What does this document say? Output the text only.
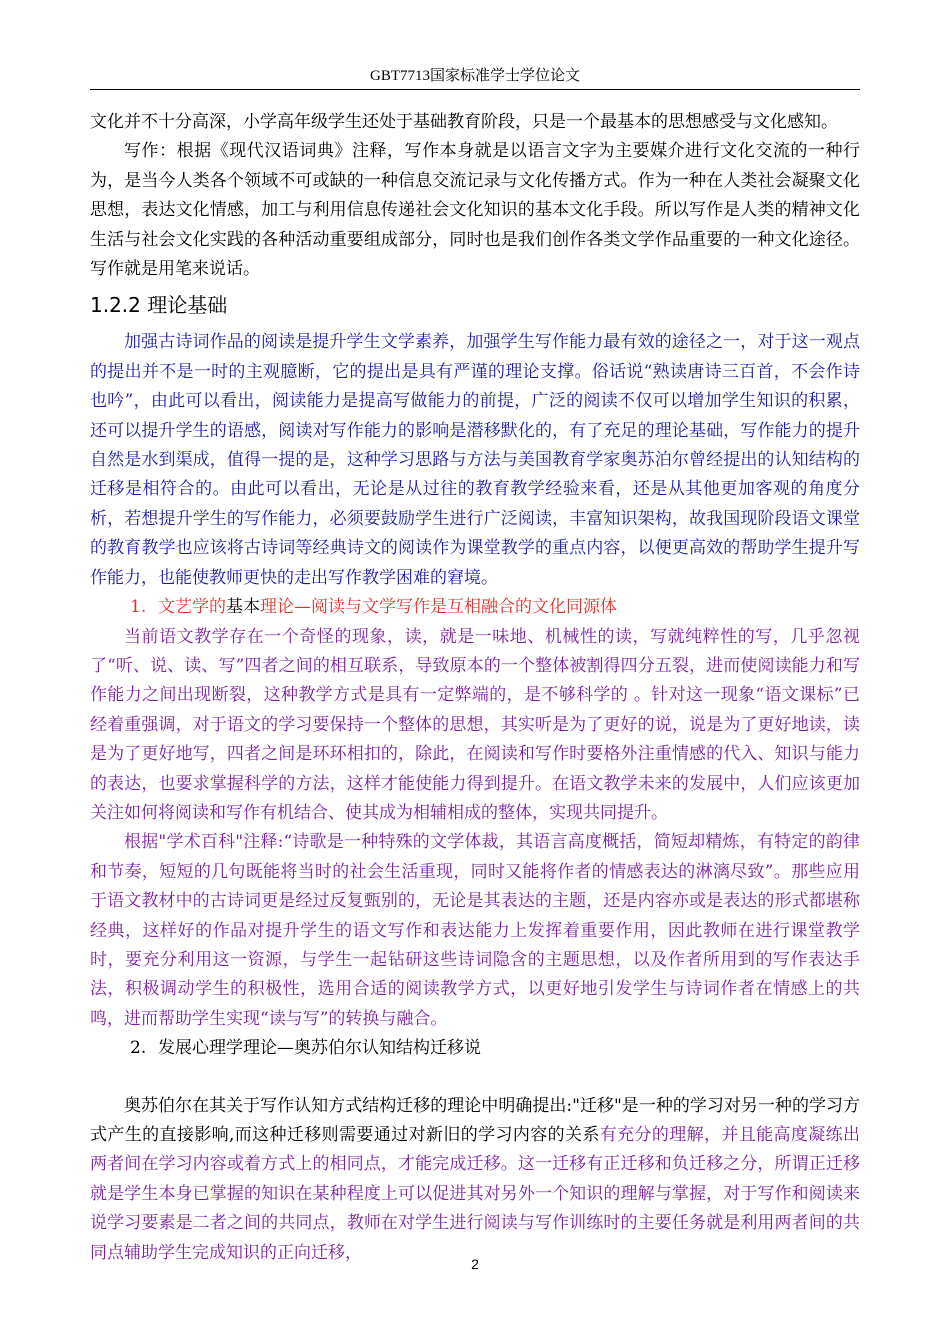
GBT7713国家标准学士学位论文

文化并不十分高深，小学高年级学生还处于基础教育阶段，只是一个最基本的思想感受与文化感知。

写作：根据《现代汉语词典》注释，写作本身就是以语言文字为主要媒介进行文化交流的一种行为，是当今人类各个领域不可或缺的一种信息交流记录与文化传播方式。作为一种在人类社会凝聚文化思想，表达文化情感，加工与利用信息传递社会文化知识的基本文化手段。所以写作是人类的精神文化生活与社会文化实践的各种活动重要组成部分，同时也是我们创作各类文学作品重要的一种文化途径。写作就是用笔来说话。

1.2.2 理论基础

加强古诗词作品的阅读是提升学生文学素养，加强学生写作能力最有效的途径之一，对于这一观点的提出并不是一时的主观臆断，它的提出是具有严谨的理论支撑。俗话说“熟读唐诗三百首，不会作诗也吟”，由此可以看出，阅读能力是提高写做能力的前提，广泛的阅读不仅可以增加学生知识的积累，还可以提升学生的语感，阅读对写作能力的影响是潜移默化的，有了充足的理论基础，写作能力的提升自然是水到渠成，值得一提的是，这种学习思路与方法与美国教育学家奥苏泊尔曾经提出的认知结构的迁移是相符合的。由此可以看出，无论是从过往的教育教学经验来看，还是从其他更加客观的角度分析，若想提升学生的写作能力，必须要鼓励学生进行广泛阅读，丰富知识架构，故我国现阶段语文课堂的教育教学也应该将古诗词等经典诗文的阅读作为课堂教学的重点内容，以便更高效的帮助学生提升写作能力，也能使教师更快的走出写作教学困难的窘境。

1. 文艺学的基本理论—阅读与文学写作是互相融合的文化同源体

当前语文教学存在一个奇怪的现象，读，就是一味地、机械性的读，写就纯粹性的写，几乎忽视了“听、说、读、写”四者之间的相互联系，导致原本的一个整体被割得四分五裂，进而使阅读能力和写作能力之间出现断裂，这种教学方式是具有一定弊端的，是不够科学的 。针对这一现象“语文课标”已经着重强调，对于语文的学习要保持一个整体的思想，其实听是为了更好的说，说是为了更好地读，读是为了更好地写，四者之间是环环相扣的，除此，在阅读和写作时要格外注重情感的代入、知识与能力的表达，也要求掌握科学的方法，这样才能使能力得到提升。在语文教学未来的发展中，人们应该更加关注如何将阅读和写作有机结合、使其成为相辅相成的整体，实现共同提升。

根据"学术百科"注释:“诗歌是一种特殊的文学体裁，其语言高度概括，简短却精炼，有特定的韵律和节奏，短短的几句既能将当时的社会生活重现，同时又能将作者的情感表达的淋漓尽致”。那些应用于语文教材中的古诗词更是经过反复甄别的，无论是其表达的主题，还是内容亦或是表达的形式都堪称经典，这样好的作品对提升学生的语文写作和表达能力上发挥着重要作用，因此教师在进行课堂教学时，要充分利用这一资源，与学生一起钻研这些诗词隐含的主题思想，以及作者所用到的写作表达手法，积极调动学生的积极性，选用合适的阅读教学方式，以更好地引发学生与诗词作者在情感上的共鸣，进而帮助学生实现“读与写”的转换与融合。

2. 发展心理学理论—奥苏伯尔认知结构迁移说

奥苏伯尔在其关于写作认知方式结构迁移的理论中明确提出:"迁移"是一种的学习对另一种的学习方式产生的直接影响,而这种迁移则需要通过对新旧的学习内容的关系有充分的理解，并且能高度凝练出两者间在学习内容或着方式上的相同点，才能完成迁移。这一迁移有正迁移和负迁移之分，所谓正迁移就是学生本身已掌握的知识在某种程度上可以促进其对另外一个知识的理解与掌握，对于写作和阅读来说学习要素是二者之间的共同点，教师在对学生进行阅读与写作训练时的主要任务就是利用两者间的共同点辅助学生完成知识的正向迁移，

2
